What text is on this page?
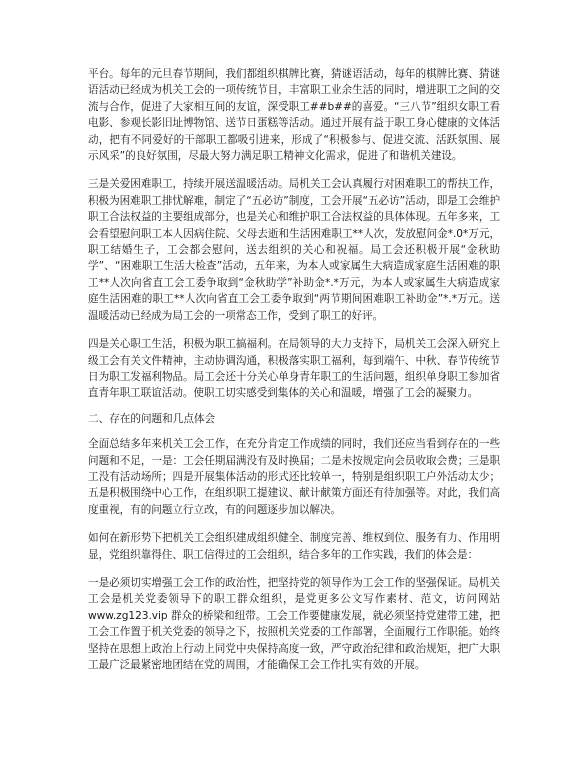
平台。每年的元旦春节期间，我们都组织棋牌比赛，猜谜语活动，每年的棋牌比赛、猜谜语活动已经成为机关工会的一项传统节目，丰富职工业余生活的同时，增进职工之间的交流与合作，促进了大家相互间的友谊，深受职工##b##的喜爱。“三八节”组织女职工看电影、参观长影旧址博物馆、送节日蛋糕等活动。通过开展有益于职工身心健康的文体活动，把有不同爱好的干部职工都吸引进来，形成了“积极参与、促进交流、活跃氛围、展示风采”的良好氛围，尽最大努力满足职工精神文化需求，促进了和谐机关建设。

三是关爱困难职工，持续开展送温暖活动。局机关工会认真履行对困难职工的帮扶工作，积极为困难职工排忧解难，制定了“五必访”制度，工会开展“五必访”活动，即是工会维护职工合法权益的主要组成部分，也是关心和维护职工合法权益的具体体现。五年多来，工会看望慰问职工本人因病住院、父母去逝和生活困难职工**人次，发放慰问金*.0*万元，职工结婚生子，工会都会慰问，送去组织的关心和祝福。局工会还积极开展“金秋助学”、“困难职工生活大检查”活动，五年来，为本人或家属生大病造成家庭生活困难的职工**人次向省直工会工委争取到“金秋助学”补助金*.*万元，为本人或家属生大病造成家庭生活困难的职工**人次向省直工会工委争取到“两节期间困难职工补助金”*.*万元。送温暖活动已经成为局工会的一项常态工作，受到了职工的好评。

四是关心职工生活，积极为职工搞福利。在局领导的大力支持下，局机关工会深入研究上级工会有关文件精神，主动协调沟通，积极落实职工福利，每到端午、中秋、春节传统节日为职工发福利物品。局工会还十分关心单身青年职工的生活问题，组织单身职工参加省直青年职工联谊活动。使职工切实感受到集体的关心和温暖，增强了工会的凝聚力。

二、存在的问题和几点体会

全面总结多年来机关工会工作，在充分肯定工作成绩的同时，我们还应当看到存在的一些问题和不足，一是：工会任期届满没有及时换届；二是未按规定向会员收取会费；三是职工没有活动场所；四是开展集体活动的形式还比较单一，特别是组织职工户外活动太少；五是积极围绕中心工作，在组织职工提建议、献计献策方面还有待加强等。对此，我们高度重视，有的问题立行立改，有的问题逐步加以解决。

如何在新形势下把机关工会组织建成组织健全、制度完善、维权到位、服务有力、作用明显，党组织靠得住、职工信得过的工会组织，结合多年的工作实践，我们的体会是：

一是必须切实增强工会工作的政治性，把坚持党的领导作为工会工作的坚强保证。局机关工会是机关党委领导下的职工群众组织，是党更多公文写作素材、范文，访问网站 www.zg123.vip 群众的桥梁和纽带。工会工作要健康发展，就必须坚持党建带工建，把工会工作置于机关党委的领导之下，按照机关党委的工作部署，全面履行工作职能。始终坚持在思想上政治上行动上同党中央保持高度一致，严守政治纪律和政治规矩，把广大职工最广泛最紧密地团结在党的周围，才能确保工会工作扎实有效的开展。
